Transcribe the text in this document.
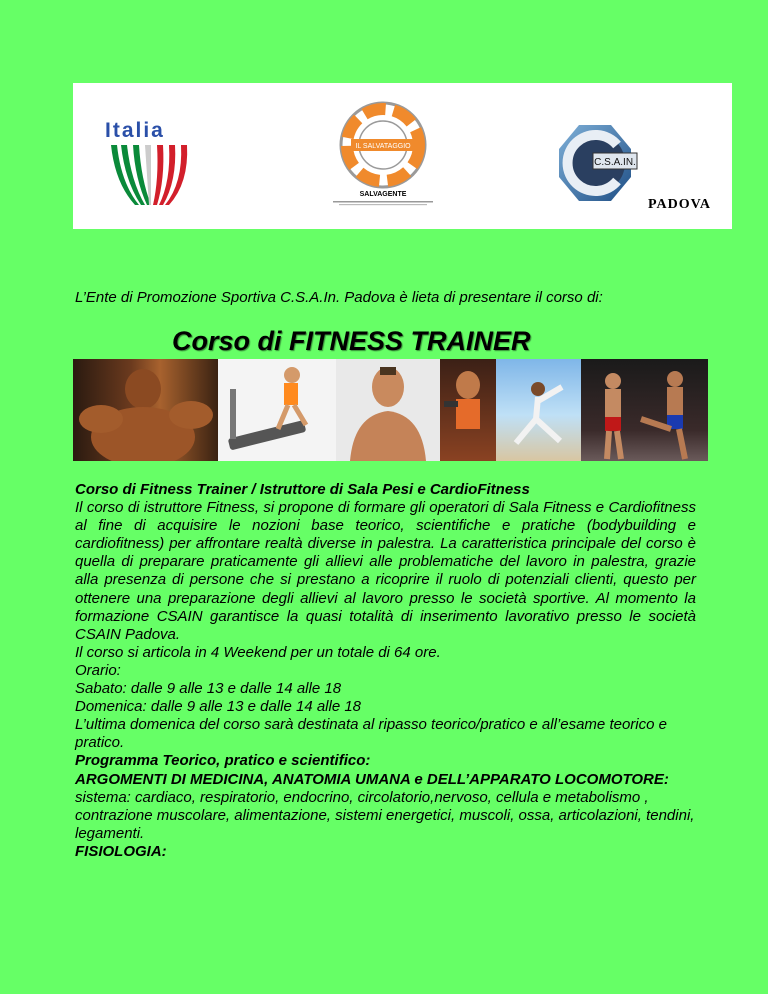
Italia
IL SALVATAGGIO
SALVAGENTE
C.S.A.IN.
PADOVA
L’Ente di Promozione Sportiva C.S.A.In. Padova è lieta di presentare il corso di:
Corso di FITNESS TRAINER

Corso di Fitness Trainer / Istruttore di Sala Pesi e CardioFitness

Il corso di istruttore Fitness, si propone di formare gli operatori di Sala Fitness e Cardiofitness al fine di acquisire le nozioni base teorico, scientifiche e pratiche (bodybuilding e cardiofitness) per affrontare realtà diverse in palestra. La caratteristica principale del corso è quella di preparare praticamente gli allievi alle problematiche del lavoro in palestra, grazie alla presenza di persone che si prestano a ricoprire il ruolo di potenziali clienti, questo per ottenere una preparazione degli allievi al lavoro presso le società sportive. Al momento la formazione CSAIN garantisce la quasi totalità di inserimento lavorativo presso le società CSAIN Padova.

Il corso si articola in 4 Weekend per un totale di 64 ore.

Orario:

Sabato: dalle 9 alle 13 e dalle 14 alle 18

Domenica: dalle 9 alle 13 e dalle 14 alle 18

L’ultima domenica del corso sarà destinata al ripasso teorico/pratico e all’esame teorico e pratico.

Programma Teorico, pratico e scientifico:

ARGOMENTI DI MEDICINA, ANATOMIA UMANA e DELL’APPARATO LOCOMOTORE:

sistema: cardiaco, respiratorio, endocrino, circolatorio,nervoso, cellula e metabolismo , contrazione muscolare, alimentazione, sistemi energetici, muscoli, ossa, articolazioni, tendini, legamenti.

FISIOLOGIA:
